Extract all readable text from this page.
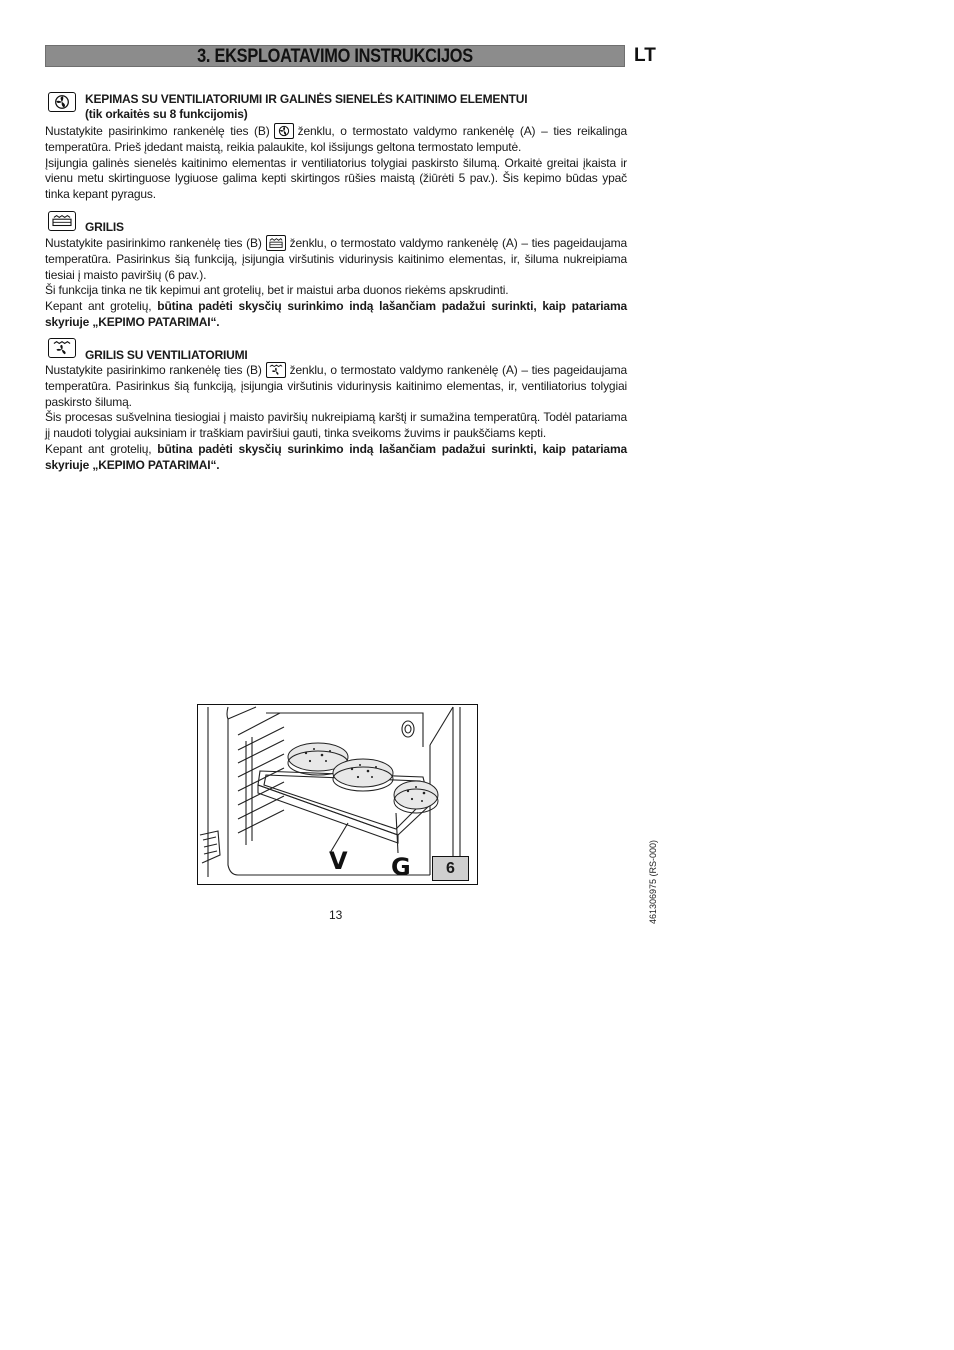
3. EKSPLOATAVIMO INSTRUKCIJOS	LT
KEPIMAS SU VENTILIATORIUMI IR GALINĖS SIENELĖS KAITINIMO ELEMENTUI
(tik orkaitės su 8 funkcijomis)

Nustatykite pasirinkimo rankenėlę ties (B) ženklu, o termostato valdymo rankenėlę (A) – ties reikalinga temperatūra. Prieš įdedant maistą, reikia palaukite, kol išsijungs geltona termostato lemputė.

Įsijungia galinės sienelės kaitinimo elementas ir ventiliatorius tolygiai paskirsto šilumą. Orkaitė greitai įkaista ir vienu metu skirtinguose lygiuose galima kepti skirtingos rūšies maistą (žiūrėti 5 pav.). Šis kepimo būdas ypač tinka kepant pyragus.

GRILIS

Nustatykite pasirinkimo rankenėlę ties (B) ženklu, o termostato valdymo rankenėlę (A) – ties pageidaujama temperatūra. Pasirinkus šią funkciją, įsijungia viršutinis vidurinysis kaitinimo elementas, ir, šiluma nukreipiama tiesiai į maisto paviršių (6 pav.).

Ši funkcija tinka ne tik kepimui ant grotelių, bet ir maistui arba duonos riekėms apskrudinti.

Kepant ant grotelių, būtina padėti skysčių surinkimo indą lašančiam padažui surinkti, kaip patariama skyriuje „KEPIMO PATARIMAI“.

GRILIS SU VENTILIATORIUMI

Nustatykite pasirinkimo rankenėlę ties (B) ženklu, o termostato valdymo rankenėlę (A) – ties pageidaujama temperatūra. Pasirinkus šią funkciją, įsijungia viršutinis vidurinysis kaitinimo elementas, ir, ventiliatorius tolygiai paskirsto šilumą.

Šis procesas sušvelnina tiesiogiai į maisto paviršių nukreipiamą karštį ir sumažina temperatūrą. Todėl patariama jį naudoti tolygiai auksiniam ir traškiam paviršiui gauti, tinka sveikoms žuvims ir paukščiams kepti.

Kepant ant grotelių, būtina padėti skysčių surinkimo indą lašančiam padažui surinkti, kaip patariama skyriuje „KEPIMO PATARIMAI“.

V G	6
13	461306975 (RS-000)
